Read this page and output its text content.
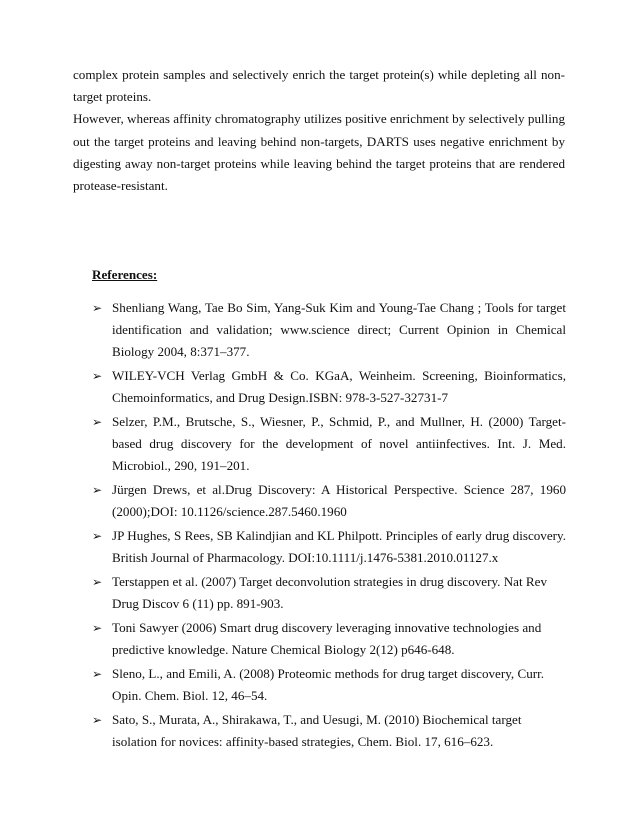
complex protein samples and selectively enrich the target protein(s) while depleting all non-target proteins.

However, whereas affinity chromatography utilizes positive enrichment by selectively pulling out the target proteins and leaving behind non-targets, DARTS uses negative enrichment by digesting away non-target proteins while leaving behind the target proteins that are rendered protease-resistant.

References:
➢ Shenliang Wang, Tae Bo Sim, Yang-Suk Kim and Young-Tae Chang ; Tools for target identification and validation; www.science direct; Current Opinion in Chemical Biology 2004, 8:371–377.
➢ WILEY-VCH Verlag GmbH & Co. KGaA, Weinheim. Screening, Bioinformatics, Chemoinformatics, and Drug Design.ISBN: 978-3-527-32731-7
➢ Selzer, P.M., Brutsche, S., Wiesner, P., Schmid, P., and Mullner, H. (2000) Target-based drug discovery for the development of novel antiinfectives. Int. J. Med. Microbiol., 290, 191–201.
➢ Jürgen Drews, et al.Drug Discovery: A Historical Perspective. Science 287, 1960 (2000);DOI: 10.1126/science.287.5460.1960
➢ JP Hughes, S Rees, SB Kalindjian and KL Philpott. Principles of early drug discovery. British Journal of Pharmacology. DOI:10.1111/j.1476-5381.2010.01127.x
➢ Terstappen et al. (2007) Target deconvolution strategies in drug discovery. Nat Rev Drug Discov 6 (11) pp. 891-903.
➢ Toni Sawyer (2006) Smart drug discovery leveraging innovative technologies and predictive knowledge. Nature Chemical Biology 2(12) p646-648.
➢ Sleno, L., and Emili, A. (2008) Proteomic methods for drug target discovery, Curr. Opin. Chem. Biol. 12, 46–54.
➢ Sato, S., Murata, A., Shirakawa, T., and Uesugi, M. (2010) Biochemical target isolation for novices: affinity-based strategies, Chem. Biol. 17, 616–623.
